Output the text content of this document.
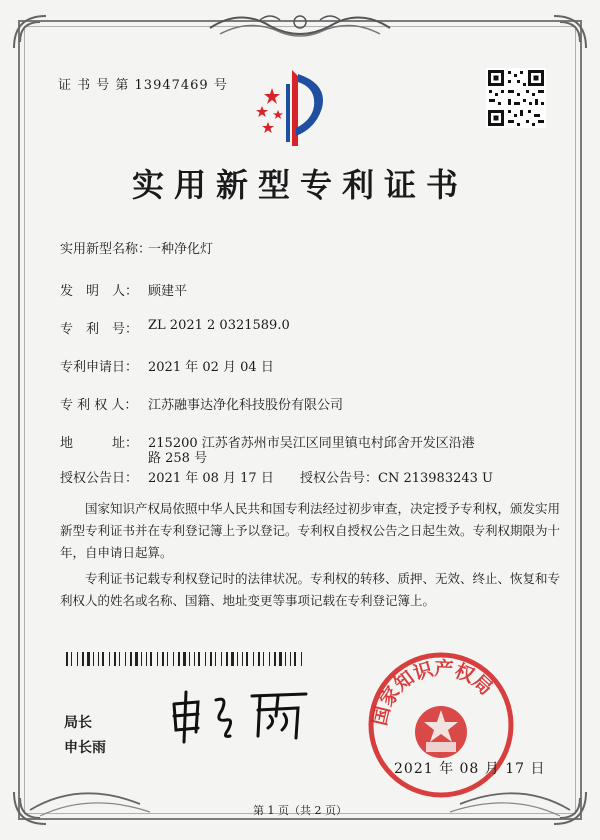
证 书 号 第 13947469 号
实用新型专利证书
实用新型名称：
一种净化灯
发　明　人： 顾建平
专　利　号： ZL 2021 2 0321589.0
专利申请日： 2021 年 02 月 04 日
专 利 权 人： 江苏融事达净化科技股份有限公司
地　　　址： 215200 江苏省苏州市吴江区同里镇屯村邱舍开发区沿港
路 258 号
授权公告日： 2021 年 08 月 17 日 授权公告号：CN 213983243 U
国家知识产权局依照中华人民共和国专利法经过初步审查，决定授予专利权，颁发实用新型专利证书并在专利登记簿上予以登记。专利权自授权公告之日起生效。专利权期限为十年，自申请日起算。
专利证书记载专利权登记时的法律状况。专利权的转移、质押、无效、终止、恢复和专利权人的姓名或名称、国籍、地址变更等事项记载在专利登记簿上。
局长
申长雨
国家知识产权局
2021 年 08 月 17 日
第 1 页（共 2 页）
